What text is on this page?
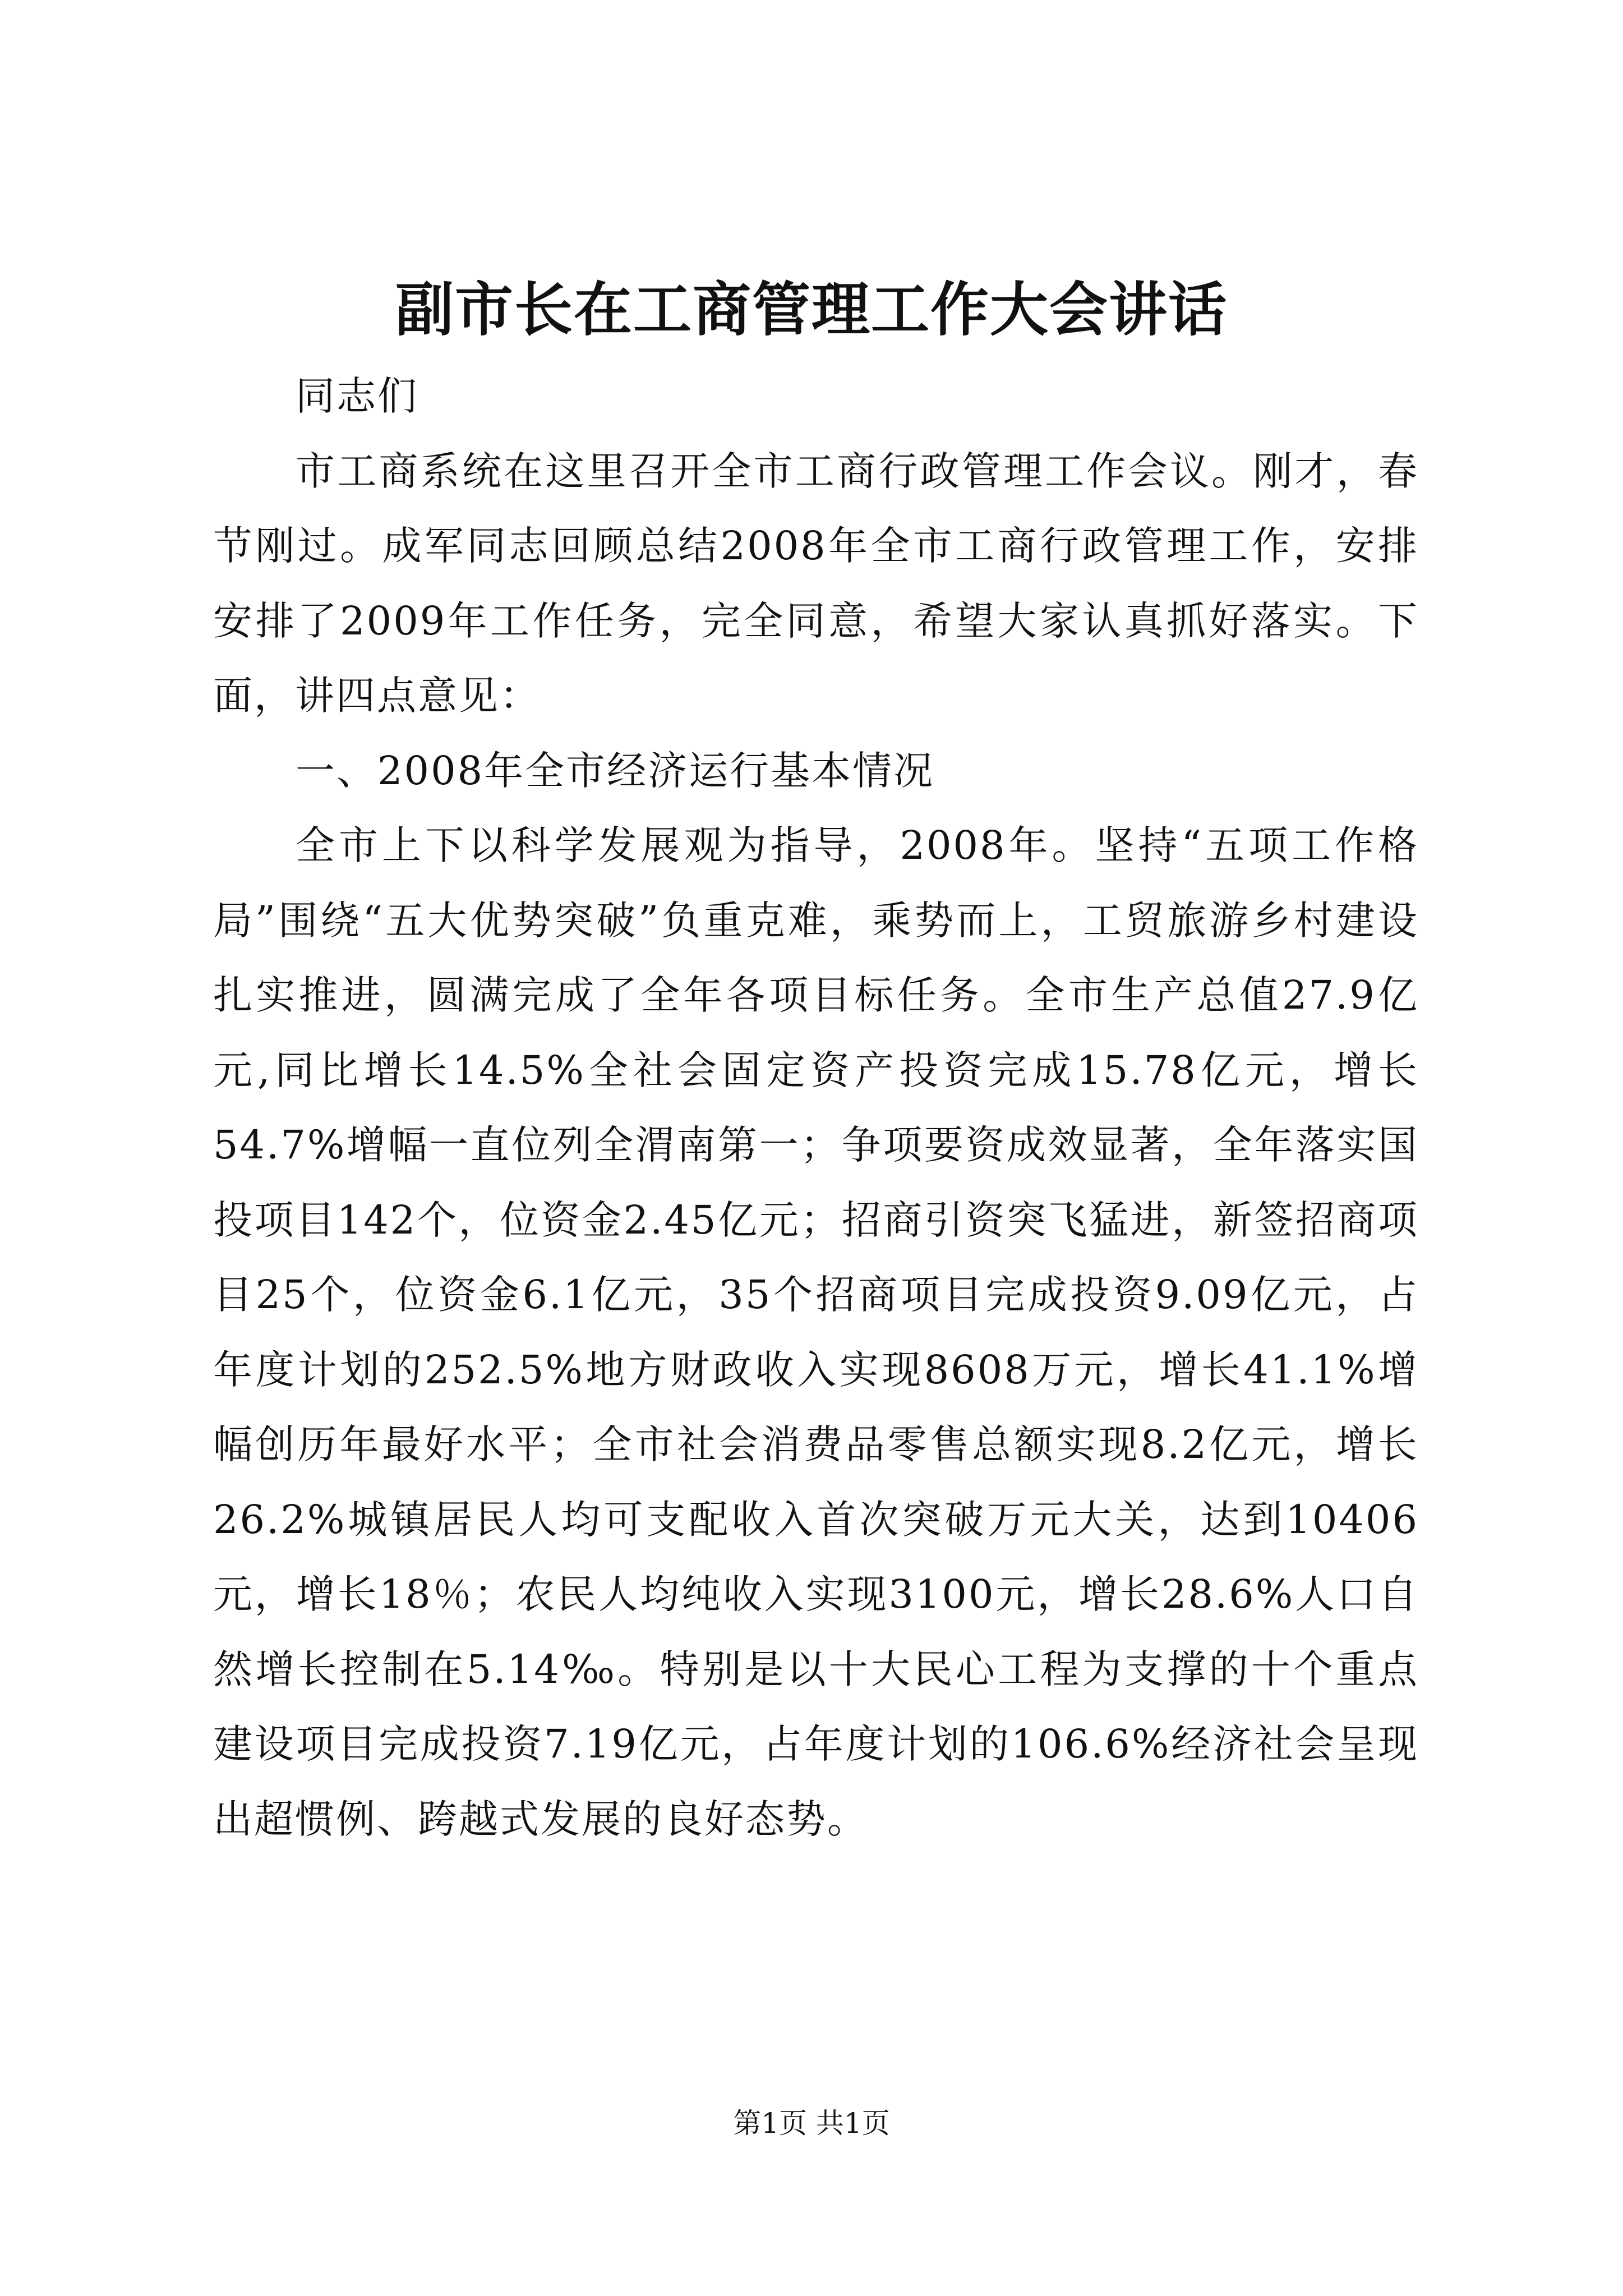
副市长在工商管理工作大会讲话

同志们

市工商系统在这里召开全市工商行政管理工作会议。刚才，春节刚过。成军同志回顾总结2008年全市工商行政管理工作，安排安排了2009年工作任务，完全同意，希望大家认真抓好落实。下面，讲四点意见：

一、2008年全市经济运行基本情况

全市上下以科学发展观为指导，2008年。坚持“五项工作格局”围绕“五大优势突破”负重克难，乘势而上，工贸旅游乡村建设扎实推进，圆满完成了全年各项目标任务。全市生产总值27.9亿元,同比增长14.5%全社会固定资产投资完成15.78亿元，增长54.7%增幅一直位列全渭南第一；争项要资成效显著，全年落实国投项目142个，位资金2.45亿元；招商引资突飞猛进，新签招商项目25个，位资金6.1亿元，35个招商项目完成投资9.09亿元，占年度计划的252.5%地方财政收入实现8608万元，增长41.1%增幅创历年最好水平；全市社会消费品零售总额实现8.2亿元，增长26.2%城镇居民人均可支配收入首次突破万元大关，达到10406元，增长18％；农民人均纯收入实现3100元，增长28.6%人口自然增长控制在5.14‰。特别是以十大民心工程为支撑的十个重点建设项目完成投资7.19亿元，占年度计划的106.6%经济社会呈现出超惯例、跨越式发展的良好态势。

第1页 共1页
